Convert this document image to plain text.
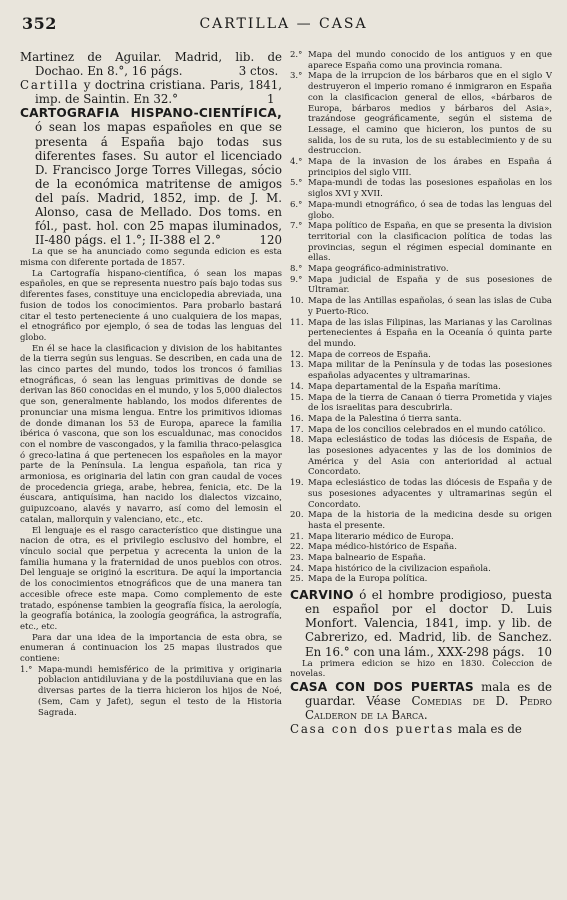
352	CARTILLA — CASA

Martinez de Aguilar. Madrid, lib. de Dochao. En 8.°, 16 págs.	3 ctos.

Cartilla y doctrina cristiana. Paris, 1841, imp. de Saintin. En 32.°	1

CARTOGRAFIA HISPANO-CIENTÍFICA, ó sean los mapas españoles en que se presenta á España bajo todas sus diferentes fases. Su autor el licenciado D. Francisco Jorge Torres Villegas, sócio de la económica matritense de amigos del país. Madrid, 1852, imp. de J. M. Alonso, casa de Mellado. Dos toms. en fól., past. hol. con 25 mapas iluminados, II-480 págs. el 1.°; II-388 el 2.°	120

La que se ha anunciado como segunda edicion es esta misma con diferente portada de 1857.

La Cartografía hispano-científica, ó sean los mapas españoles, en que se representa nuestro país bajo todas sus diferentes fases, constituye una enciclopedia abreviada, una fusion de todos los conocimientos. Para probarlo bastará citar el testo perteneciente á uno cualquiera de los mapas, el etnográfico por ejemplo, ó sea de todas las lenguas del globo.

En él se hace la clasificacion y division de los habitantes de la tierra según sus lenguas. Se describen, en cada una de las cinco partes del mundo, todos los troncos ó familias etnográficas, ó sean las lenguas primitivas de donde se derivan las 860 conocidas en el mundo, y los 5,000 dialectos que son, generalmente hablando, los modos diferentes de pronunciar una misma lengua. Entre los primitivos idiomas de donde dimanan los 53 de Europa, aparece la familia ibérica ó vascona, que son los escualdunac, mas conocidos con el nombre de vascongados, y la familia thraco-pelasgica ó greco-latina á que pertenecen los españoles en la mayor parte de la Península. La lengua española, tan rica y armoniosa, es originaria del latin con gran caudal de voces de procedencia griega, arabe, hebrea, fenicia, etc. De la éuscara, antiquísima, han nacido los dialectos vizcaino, guipuzcoano, alavés y navarro, así como del lemosin el catalan, mallorquin y valenciano, etc., etc.

El lenguaje es el rasgo característico que distingue una nacion de otra, es el privilegio esclusivo del hombre, el vínculo social que perpetua y acrecenta la union de la familia humana y la fraternidad de unos pueblos con otros. Del lenguaje se originó la escritura. De aquí la importancia de los conocimientos etnográficos que de una manera tan accesible ofrece este mapa. Como complemento de este tratado, espónense tambien la geografía física, la aerología, la geografía botánica, la zoología geográfica, la astrografía, etc., etc.

Para dar una idea de la importancia de esta obra, se enumeran á continuacion los 25 mapas ilustrados que contiene:

1.° Mapa-mundi hemisférico de la primitiva y originaria poblacion antidiluviana y de la postdiluviana que en las diversas partes de la tierra hicieron los hijos de Noé, (Sem, Cam y Jafet), segun el testo de la Historia Sagrada.

2.° Mapa del mundo conocido de los antiguos y en que aparece España como una provincia romana.

3.° Mapa de la irrupcion de los bárbaros que en el siglo V destruyeron el imperio romano é inmigraron en España con la clasificacion general de ellos, «bárbaros de Europa, bárbaros medios y bárbaros del Asia», trazándose geográficamente, según el sistema de Lessage, el camino que hicieron, los puntos de su salida, los de su ruta, los de su establecimiento y de su destruccion.

4.° Mapa de la invasion de los árabes en España á principios del siglo VIII.

5.° Mapa-mundi de todas las posesiones españolas en los siglos XVI y XVII.

6.° Mapa-mundi etnográfico, ó sea de todas las lenguas del globo.

7.° Mapa político de España, en que se presenta la division territorial con la clasificacion política de todas las provincias, segun el régimen especial dominante en ellas.

8.° Mapa geográfico-administrativo.

9.° Mapa judicial de España y de sus posesiones de Ultramar.

10. Mapa de las Antillas españolas, ó sean las islas de Cuba y Puerto-Rico.

11. Mapa de las islas Filipinas, las Marianas y las Carolinas pertenecientes á España en la Oceanía ó quinta parte del mundo.

12. Mapa de correos de España.

13. Mapa militar de la Península y de todas las posesiones españolas adyacentes y ultramarinas.

14. Mapa departamental de la España marítima.

15. Mapa de la tierra de Canaan ó tierra Prometida y viajes de los israelitas para descubrirla.

16. Mapa de la Palestina ó tierra santa.

17. Mapa de los concilios celebrados en el mundo católico.

18. Mapa eclesiástico de todas las diócesis de España, de las posesiones adyacentes y las de los dominios de América y del Asia con anterioridad al actual Concordato.

19. Mapa eclesiástico de todas las diócesis de España y de sus posesiones adyacentes y ultramarinas según el Concordato.

20. Mapa de la historia de la medicina desde su origen hasta el presente.

21. Mapa literario médico de Europa.

22. Mapa médico-histórico de España.

23. Mapa balneario de España.

24. Mapa histórico de la civilizacion española.

25. Mapa de la Europa política.

CARVINO ó el hombre prodigioso, puesta en español por el doctor D. Luis Monfort. Valencia, 1841, imp. y lib. de Cabrerizo, ed. Madrid, lib. de Sanchez. En 16.° con una lám., XXX-298 págs. 10

La primera edicion se hizo en 1830. Coleccion de novelas.

CASA CON DOS PUERTAS mala es de guardar. Véase Comedias de D. Pedro Calderon de la Barca.

Casa con dos puertas mala es de
